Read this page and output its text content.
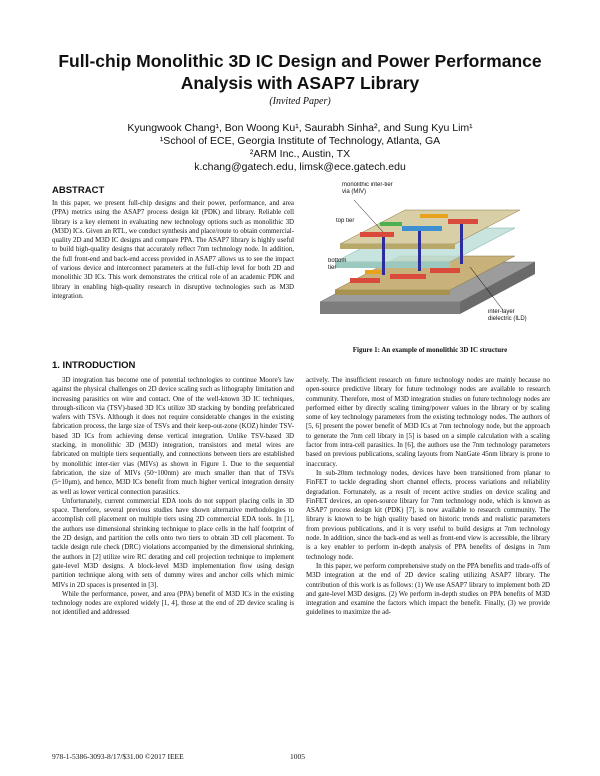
Full-chip Monolithic 3D IC Design and Power Performance Analysis with ASAP7 Library
(Invited Paper)
Kyungwook Chang¹, Bon Woong Ku¹, Saurabh Sinha², and Sung Kyu Lim¹
¹School of ECE, Georgia Institute of Technology, Atlanta, GA
²ARM Inc., Austin, TX
k.chang@gatech.edu, limsk@ece.gatech.edu
ABSTRACT

In this paper, we present full-chip designs and their power, performance, and area (PPA) metrics using the ASAP7 process design kit (PDK) and library. Reliable cell library is a key element in evaluating new technology options such as monolithic 3D (M3D) ICs. Given an RTL, we conduct synthesis and place/route to obtain commercial-quality 2D and M3D IC designs and compare PPA. The ASAP7 library is highly useful to build high-quality designs that accurately reflect 7nm technology node. In addition, the full front-end and back-end access provided in ASAP7 allows us to see the impact of various device and interconnect parameters at the full-chip level for both 2D and monolithic 3D ICs. This work demonstrates the critical role of an academic PDK and library in enabling high-quality research in disruptive technologies such as M3D integration.

1. INTRODUCTION

3D integration has become one of potential technologies to continue Moore's law against the physical challenges on 2D device scaling such as lithography limitation and increasing parasitics on wire and contact. One of the well-known 3D IC techniques, through-silicon via (TSV)-based 3D ICs utilize 3D stacking by bonding prefabricated wafers with TSVs. Although it does not require considerable changes in the existing fabrication process, the large size of TSVs and their keep-out-zone (KOZ) hinder TSV-based 3D ICs from achieving dense vertical integration. Unlike TSV-based 3D stacking, in monolithic 3D (M3D) integration, transistors and metal wires are fabricated on multiple tiers sequentially, and connections between tiers are established by monolithic inter-tier vias (MIVs) as shown in Figure 1. Due to the sequential fabrication, the size of MIVs (50~100nm) are much smaller than that of TSVs (5~10μm), and hence, M3D ICs benefit from much higher vertical integration density as well as lower vertical connection parasitics.

Unfortunately, current commercial EDA tools do not support placing cells in 3D space. Therefore, several previous studies have shown alternative methodologies to accomplish cell placement on multiple tiers using 2D commercial EDA tools. In [1], the authors use dimensional shrinking technique to place cells in the half footprint of the 2D design, and partition the cells onto two tiers to obtain 3D cell placement. To tackle design rule check (DRC) violations accompanied by the dimensional shrinking, the authors in [2] utilize wire RC derating and cell projection technique to implement gate-level M3D designs. A block-level M3D implementation flow using design partition technique along with sets of dummy wires and anchor cells which mimic MIVs in 2D spaces is presented in [3].

While the performance, power, and area (PPA) benefit of M3D ICs in the existing technology nodes are explored widely [1, 4], those at the end of 2D device scaling is not identified and addressed

monolithic inter-tier via (MIV)
top tier
bottom tier
inter-layer dielectric (ILD)
Figure 1: An example of monolithic 3D IC structure

actively. The insufficient research on future technology nodes are mainly because no open-source predictive library for future technology nodes are available to research community. Therefore, most of M3D integration studies on future technology nodes are performed either by directly scaling timing/power values in the library or by scaling some of key technology parameters from the existing technology nodes. The authors of [5, 6] present the power benefit of M3D ICs at 7nm technology node, but the approach to generate the 7nm cell library in [5] is based on a simple calculation with a scaling factor from intra-cell parasitics. In [6], the authors use the 7nm technology parameters based on previous publications, scaling layouts from NanGate 45nm library is prone to inaccuracy.

In sub-20nm technology nodes, devices have been transitioned from planar to FinFET to tackle degrading short channel effects, process variations and reliability degradation. Fortunately, as a result of recent active studies on device scaling and FinFET devices, an open-source library for 7nm technology node, which is known as ASAP7 process design kit (PDK) [7], is now available to research community. The library is known to be high quality based on historic trends and realistic parameters from previous publications, and it is very useful to build designs at 7nm technology node. In addition, since the back-end as well as front-end view is accessible, the library is a key enabler to perform in-depth analysis of PPA benefits of designs in 7nm technology node.

In this paper, we perform comprehensive study on the PPA benefits and trade-offs of M3D integration at the end of 2D device scaling utilizing ASAP7 library. The contribution of this work is as follows: (1) We use ASAP7 library to implement both 2D and gate-level M3D designs. (2) We perform in-depth studies on PPA benefits of M3D integration and examine the factors which impact the benefit. Finally, (3) we provide guidelines to maximize the ad-

978-1-5386-3093-8/17/$31.00 ©2017 IEEE	1005
